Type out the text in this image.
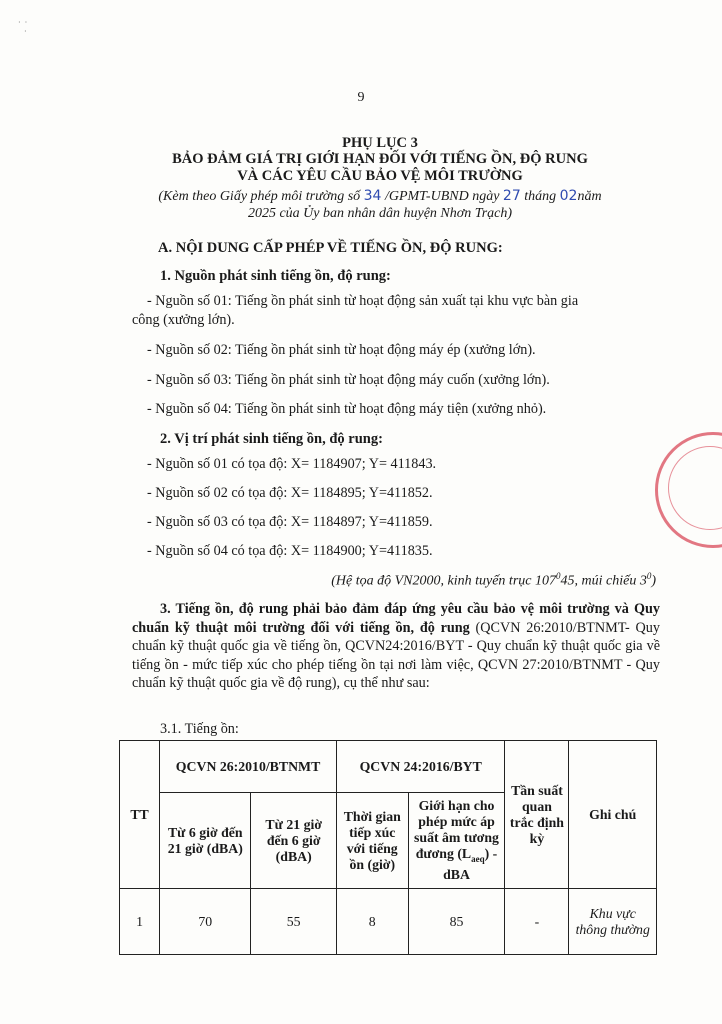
·  ·
·
9
PHỤ LỤC 3
BẢO ĐẢM GIÁ TRỊ GIỚI HẠN ĐỐI VỚI TIẾNG ỒN, ĐỘ RUNG
VÀ CÁC YÊU CẦU BẢO VỆ MÔI TRƯỜNG
(Kèm theo Giấy phép môi trường số 34 /GPMT-UBND ngày 27 tháng 02năm
2025 của Ủy ban nhân dân huyện Nhơn Trạch)
A. NỘI DUNG CẤP PHÉP VỀ TIẾNG ỒN, ĐỘ RUNG:
1. Nguồn phát sinh tiếng ồn, độ rung:
- Nguồn số 01: Tiếng ồn phát sinh từ hoạt động sản xuất tại khu vực bàn gia
công (xưởng lớn).
- Nguồn số 02: Tiếng ồn phát sinh từ hoạt động máy ép (xưởng lớn).
- Nguồn số 03: Tiếng ồn phát sinh từ hoạt động máy cuốn (xưởng lớn).
- Nguồn số 04: Tiếng ồn phát sinh từ hoạt động máy tiện (xưởng nhỏ).
2. Vị trí phát sinh tiếng ồn, độ rung:
- Nguồn số 01 có tọa độ: X= 1184907; Y= 411843.
- Nguồn số 02 có tọa độ: X= 1184895; Y=411852.
- Nguồn số 03 có tọa độ: X= 1184897; Y=411859.
- Nguồn số 04 có tọa độ: X= 1184900; Y=411835.
(Hệ tọa độ VN2000, kinh tuyến trục $107^045$, múi chiếu $3^0$)
3. Tiếng ồn, độ rung phải bảo đảm đáp ứng yêu cầu bảo vệ môi trường và Quy chuẩn kỹ thuật môi trường đối với tiếng ồn, độ rung (QCVN 26:2010/BTNMT- Quy chuẩn kỹ thuật quốc gia về tiếng ồn, QCVN24:2016/BYT - Quy chuẩn kỹ thuật quốc gia về tiếng ồn - mức tiếp xúc cho phép tiếng ồn tại nơi làm việc, QCVN 27:2010/BTNMT - Quy chuẩn kỹ thuật quốc gia về độ rung), cụ thể như sau:
3.1. Tiếng ồn:
TT	QCVN 26:2010/BTNMT		QCVN 24:2016/BYT		Tần suất quan trắc định kỳ	Ghi chú
	Từ 6 giờ đến 21 giờ (dBA)	Từ 21 giờ đến 6 giờ (dBA)	Thời gian tiếp xúc với tiếng ồn (giờ)	Giới hạn cho phép mức áp suất âm tương đương $(L_{aeq})$ - dBA		
1	70	55	8	85	-	Khu vực thông thường
